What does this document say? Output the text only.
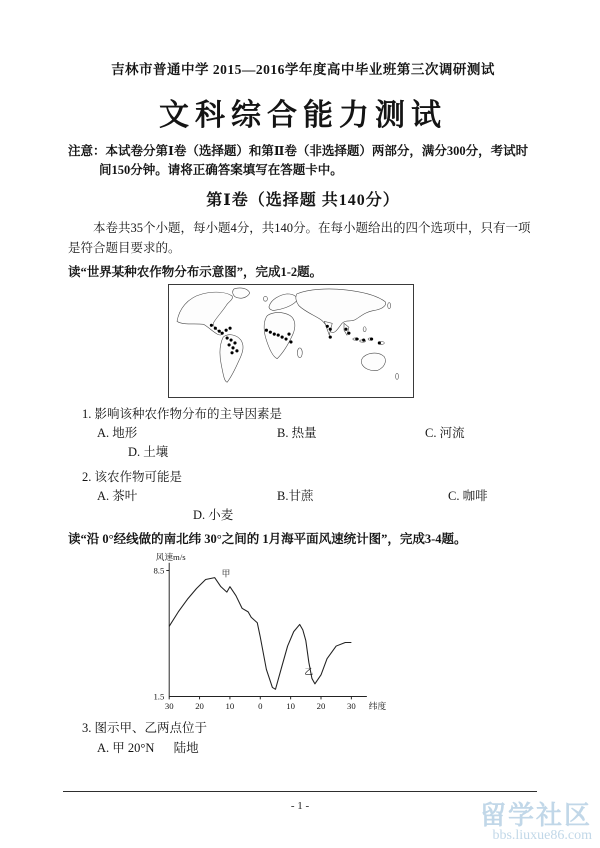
吉林市普通中学 2015—2016学年度高中毕业班第三次调研测试
文科综合能力测试

注意：本试卷分第Ⅰ卷（选择题）和第Ⅱ卷（非选择题）两部分，满分300分，考试时间150分钟。请将正确答案填写在答题卡中。

第Ⅰ卷（选择题 共140分）

本卷共35个小题，每小题4分，共140分。在每小题给出的四个选项中，只有一项是符合题目要求的。

读“世界某种农作物分布示意图”，完成1-2题。

1. 影响该种农作物分布的主导因素是
A. 地形	B. 热量	C. 河流
D. 土壤
2. 该农作物可能是
A. 茶叶	B.甘蔗	C. 咖啡
D. 小麦

读“沿 0°经线做的南北纬 30°之间的 1月海平面风速统计图”，完成3-4题。

风速m/s
8.5
1.5
30 20 10	0	10 20 30 纬度
甲
乙
3. 图示甲、乙两点位于
A. 甲 20°N 陆地
- 1 -	留学社区
bbs.liuxue86.com
